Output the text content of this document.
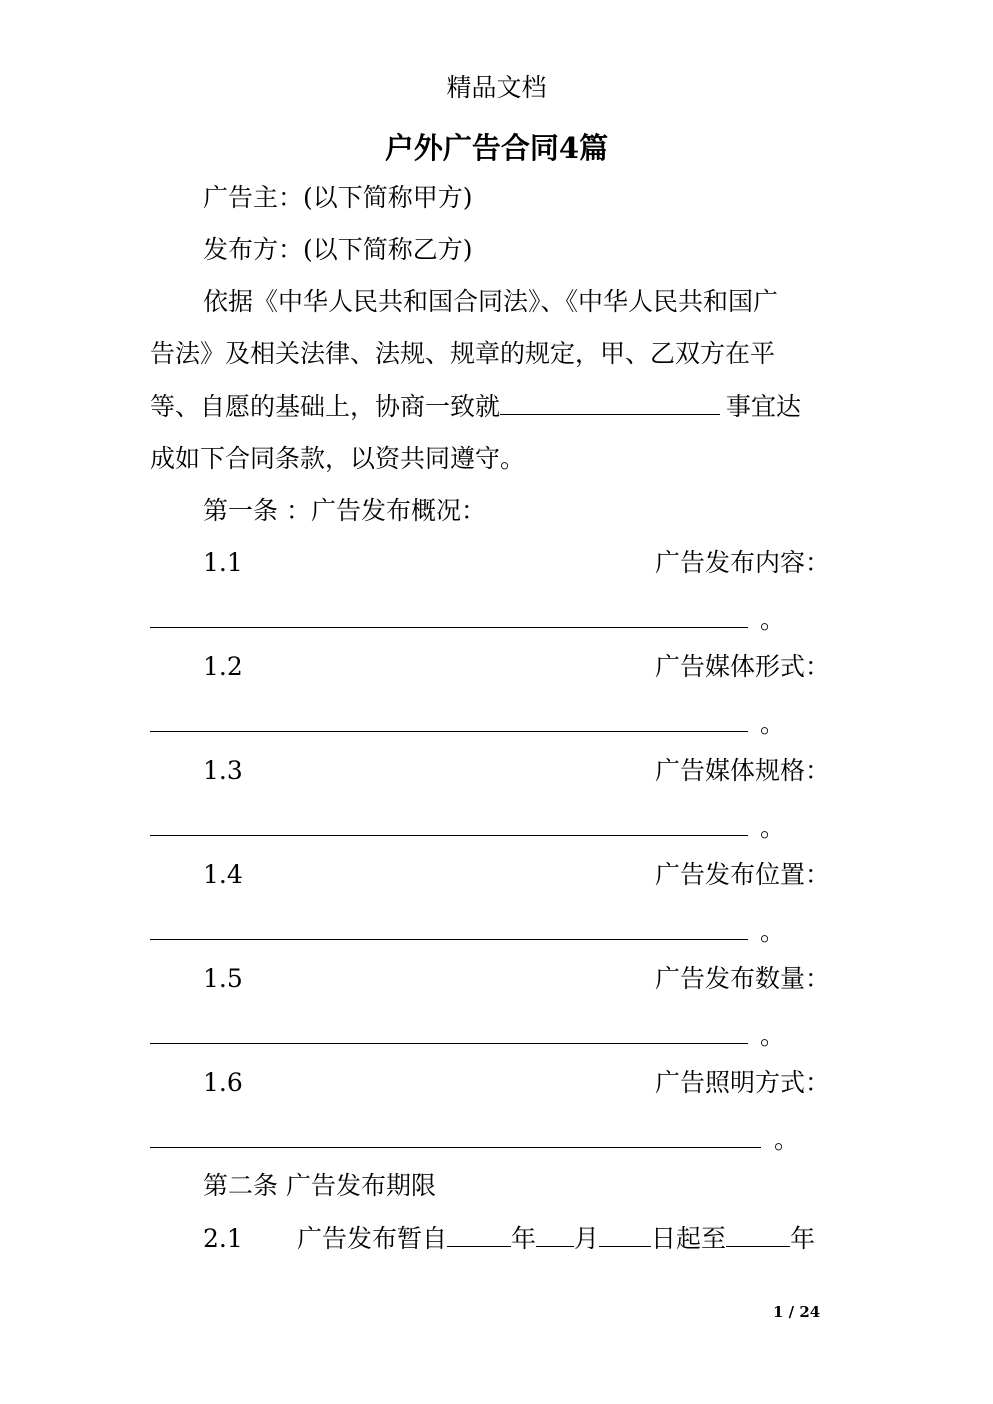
精品文档
户外广告合同4篇
广告主：(以下简称甲方)
发布方：(以下简称乙方)
依据《中华人民共和国合同法》、《中华人民共和国广
告法》及相关法律、法规、规章的规定，甲、乙双方在平
等、自愿的基础上，协商一致就	事宜达
成如下合同条款，以资共同遵守。
第一条 ：广告发布概况：
1.1	广告发布内容：
。
1.2	广告媒体形式：
。
1.3	广告媒体规格：
。
1.4	广告发布位置：
。
1.5	广告发布数量：
。
1.6	广告照明方式：
。
第二条 广告发布期限
2.1 广告发布暂自	年 月 日起至	年
1 / 24
